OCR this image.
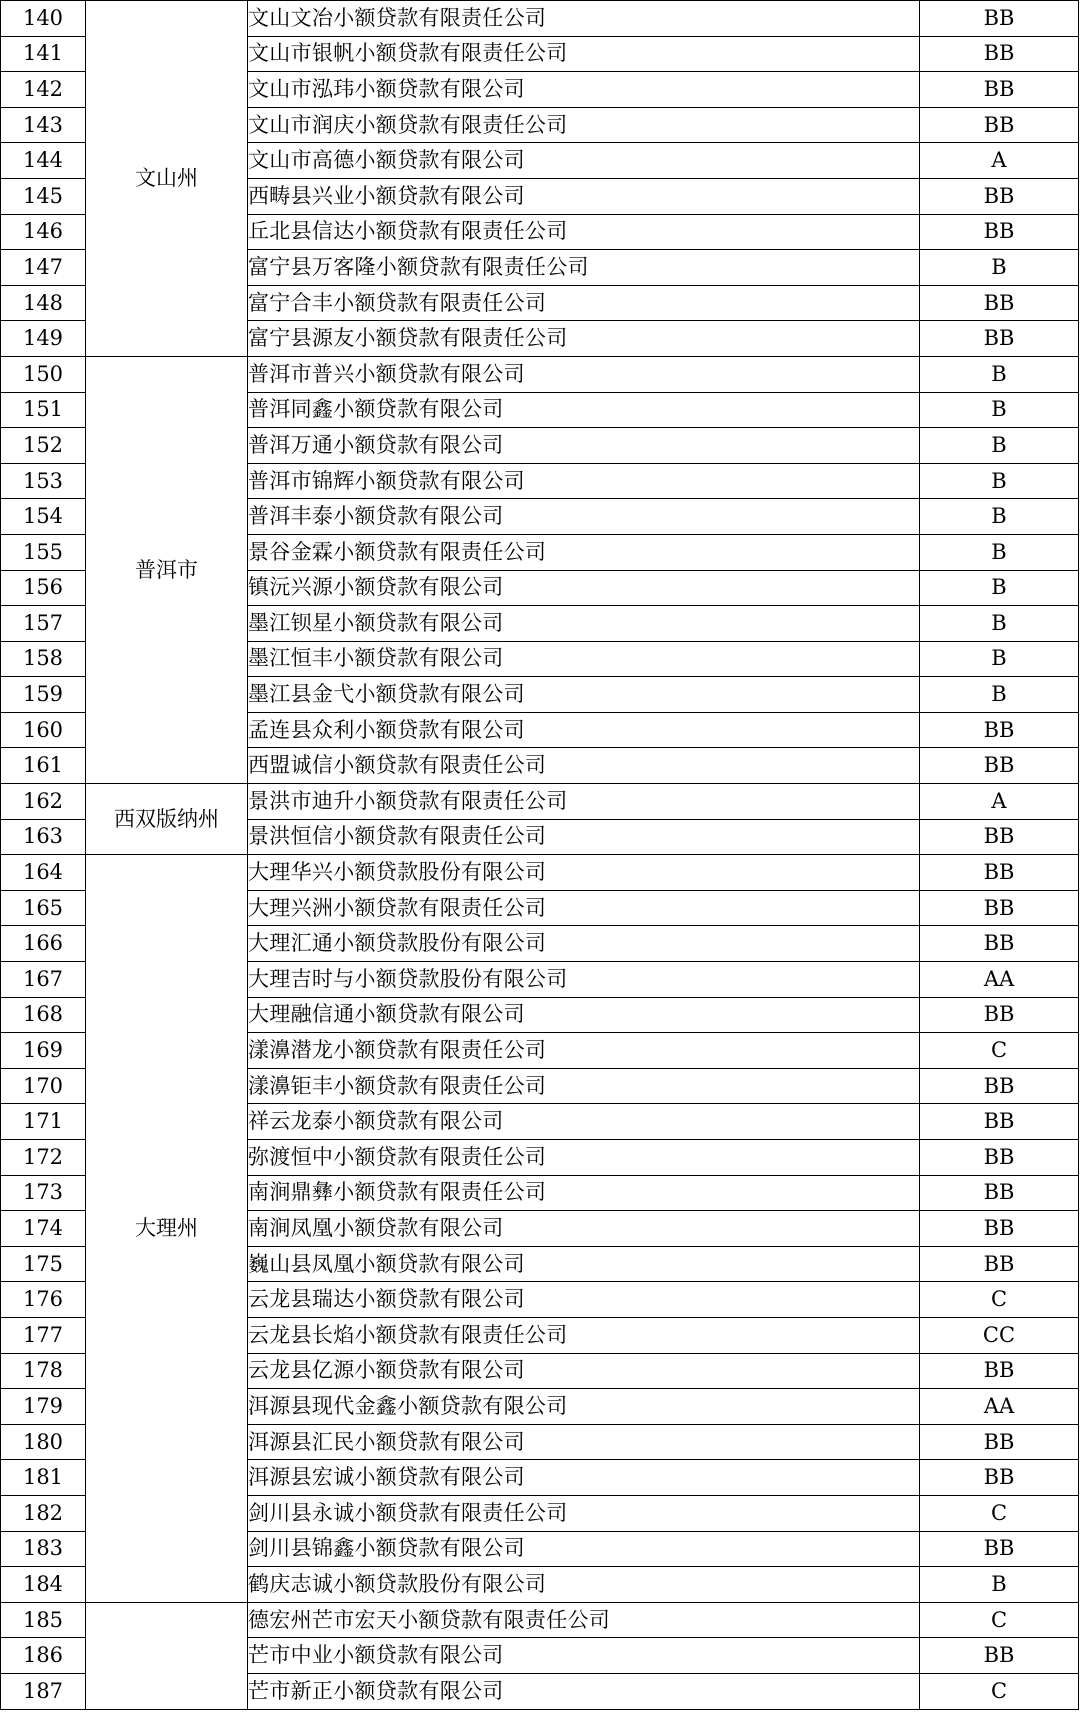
140	文山州	文山文冶小额贷款有限责任公司	BB
141		文山市银帆小额贷款有限责任公司	BB
142		文山市泓玮小额贷款有限公司	BB
143		文山市润庆小额贷款有限责任公司	BB
144		文山市高德小额贷款有限公司	A
145		西畴县兴业小额贷款有限公司	BB
146		丘北县信达小额贷款有限责任公司	BB
147		富宁县万客隆小额贷款有限责任公司	B
148		富宁合丰小额贷款有限责任公司	BB
149		富宁县源友小额贷款有限责任公司	BB
150	普洱市	普洱市普兴小额贷款有限公司	B
151		普洱同鑫小额贷款有限公司	B
152		普洱万通小额贷款有限公司	B
153		普洱市锦辉小额贷款有限公司	B
154		普洱丰泰小额贷款有限公司	B
155		景谷金霖小额贷款有限责任公司	B
156		镇沅兴源小额贷款有限公司	B
157		墨江钡星小额贷款有限公司	B
158		墨江恒丰小额贷款有限公司	B
159		墨江县金弋小额贷款有限公司	B
160		孟连县众利小额贷款有限公司	BB
161		西盟诚信小额贷款有限责任公司	BB
162	西双版纳州	景洪市迪升小额贷款有限责任公司	A
163		景洪恒信小额贷款有限责任公司	BB
164	大理州	大理华兴小额贷款股份有限公司	BB
165		大理兴洲小额贷款有限责任公司	BB
166		大理汇通小额贷款股份有限公司	BB
167		大理吉时与小额贷款股份有限公司	AA
168		大理融信通小额贷款有限公司	BB
169		漾濞潜龙小额贷款有限责任公司	C
170		漾濞钜丰小额贷款有限责任公司	BB
171		祥云龙泰小额贷款有限公司	BB
172		弥渡恒中小额贷款有限责任公司	BB
173		南涧鼎彝小额贷款有限责任公司	BB
174		南涧凤凰小额贷款有限公司	BB
175		巍山县凤凰小额贷款有限公司	BB
176		云龙县瑞达小额贷款有限公司	C
177		云龙县长焰小额贷款有限责任公司	CC
178		云龙县亿源小额贷款有限公司	BB
179		洱源县现代金鑫小额贷款有限公司	AA
180		洱源县汇民小额贷款有限公司	BB
181		洱源县宏诚小额贷款有限公司	BB
182		剑川县永诚小额贷款有限责任公司	C
183		剑川县锦鑫小额贷款有限公司	BB
184		鹤庆志诚小额贷款股份有限公司	B
185		德宏州芒市宏天小额贷款有限责任公司	C
186		芒市中业小额贷款有限公司	BB
187		芒市新正小额贷款有限公司	C
